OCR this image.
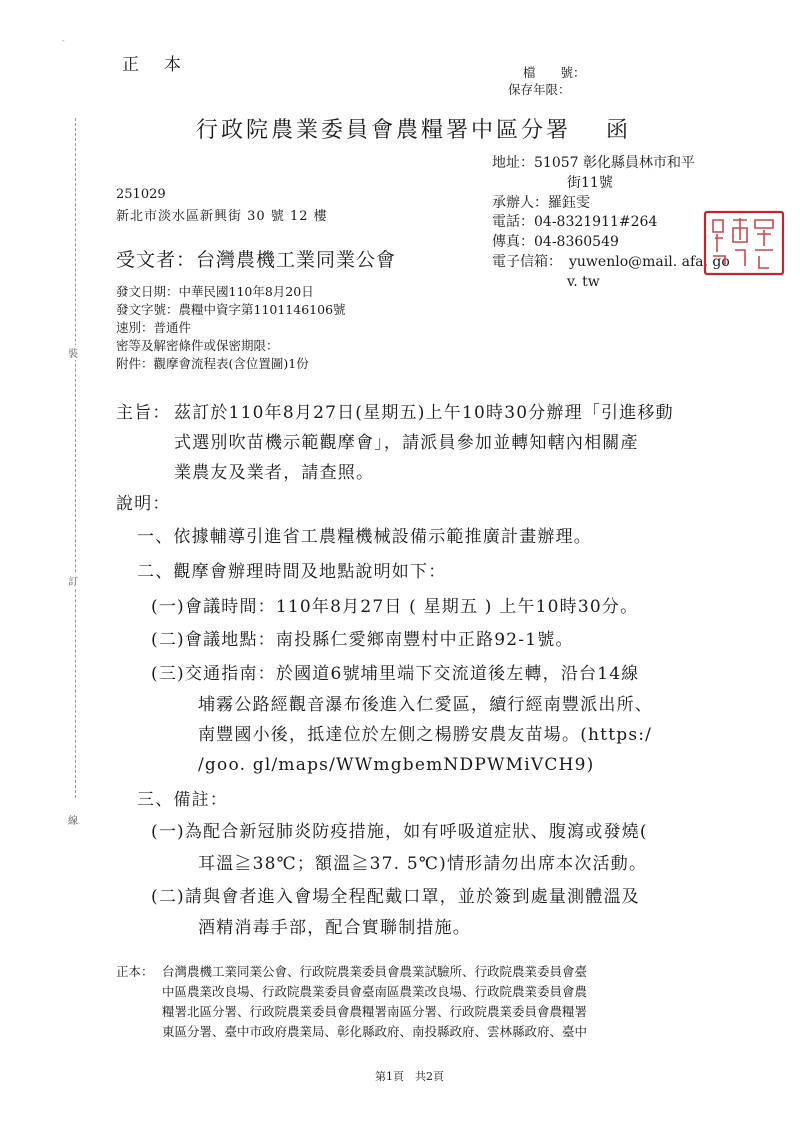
-
裝
訂
線
正　本	檔　　號：
保存年限：
行政院農業委員會農糧署中區分署　 函
地址：51057 彰化縣員林市和平
街11號
承辦人：羅鈺雯
電話：04-8321911#264
傳真：04-8360549
電子信箱：　yuwenlo@mail. afa. go
v. tw
251029
新北市淡水區新興街 30 號 12 樓
受文者：台灣農機工業同業公會
發文日期：中華民國110年8月20日
發文字號：農糧中資字第1101146106號
速別：普通件
密等及解密條件或保密期限：
附件：觀摩會流程表(含位置圖)1份
主旨： 茲訂於110年8月27日(星期五)上午10時30分辦理「引進移動
式選別吹苗機示範觀摩會」，請派員參加並轉知轄內相關產
業農友及業者，請查照。
說明：
一、依據輔導引進省工農糧機械設備示範推廣計畫辦理。
二、觀摩會辦理時間及地點說明如下：
(一)會議時間：110年8月27日 ( 星期五 ) 上午10時30分。
(二)會議地點：南投縣仁愛鄉南豐村中正路92-1號。
(三)交通指南：於國道6號埔里端下交流道後左轉，沿台14線
埔霧公路經觀音瀑布後進入仁愛區，續行經南豐派出所、
南豐國小後，抵達位於左側之楊勝安農友苗場。(https:/
/goo. gl/maps/WWmgbemNDPWMiVCH9)
三、備註：
(一)為配合新冠肺炎防疫措施，如有呼吸道症狀、腹瀉或發燒(
耳溫≧38℃；額溫≧37. 5℃)情形請勿出席本次活動。
(二)請與會者進入會場全程配戴口罩，並於簽到處量測體溫及
酒精消毒手部，配合實聯制措施。
正本： 台灣農機工業同業公會、行政院農業委員會農業試驗所、行政院農業委員會臺
中區農業改良場、行政院農業委員會臺南區農業改良場、行政院農業委員會農
糧署北區分署、行政院農業委員會農糧署南區分署、行政院農業委員會農糧署
東區分署、臺中市政府農業局、彰化縣政府、南投縣政府、雲林縣政府、臺中
第1頁　共2頁
